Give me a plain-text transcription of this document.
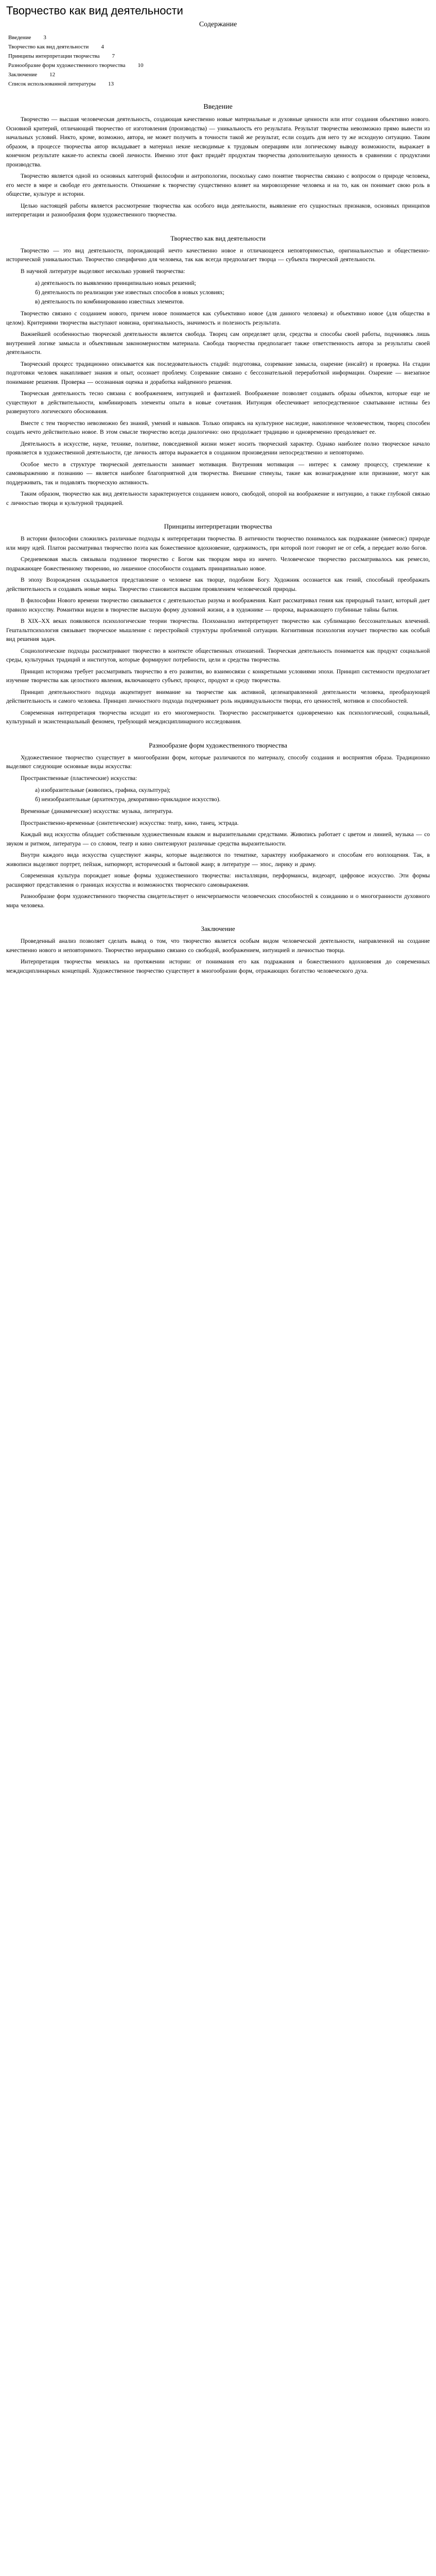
Творчество как вид деятельности
Содержание
Введение 3
Творчество как вид деятельности 4
Принципы интерпретации творчества 7
Разнообразие форм художественного творчества 10
Заключение 12
Список использованной литературы 13
Введение

Творчество — высшая человеческая деятельность, создающая качественно новые материальные и духовные ценности или итог создания объективно нового. Основной критерий, отличающий творчество от изготовления (производства) — уникальность его результата. Результат творчества невозможно прямо вывести из начальных условий. Никто, кроме, возможно, автора, не может получить в точности такой же результат, если создать для него ту же исходную ситуацию. Таким образом, в процессе творчества автор вкладывает в материал некие несводимые к трудовым операциям или логическому выводу возможности, выражает в конечном результате какие-то аспекты своей личности. Именно этот факт придаёт продуктам творчества дополнительную ценность в сравнении с продуктами производства.

Творчество является одной из основных категорий философии и антропологии, поскольку само понятие творчества связано с вопросом о природе человека, его месте в мире и свободе его деятельности. Отношение к творчеству существенно влияет на мировоззрение человека и на то, как он понимает свою роль в обществе, культуре и истории.

Целью настоящей работы является рассмотрение творчества как особого вида деятельности, выявление его сущностных признаков, основных принципов интерпретации и разнообразия форм художественного творчества.

Творчество как вид деятельности

Творчество — это вид деятельности, порождающий нечто качественно новое и отличающееся неповторимостью, оригинальностью и общественно-исторической уникальностью. Творчество специфично для человека, так как всегда предполагает творца — субъекта творческой деятельности.

В научной литературе выделяют несколько уровней творчества:

а) деятельность по выявлению принципиально новых решений;
б) деятельность по реализации уже известных способов в новых условиях;
в) деятельность по комбинированию известных элементов.

Творчество связано с созданием нового, причем новое понимается как субъективно новое (для данного человека) и объективно новое (для общества в целом). Критериями творчества выступают новизна, оригинальность, значимость и полезность результата.

Важнейшей особенностью творческой деятельности является свобода. Творец сам определяет цели, средства и способы своей работы, подчиняясь лишь внутренней логике замысла и объективным закономерностям материала. Свобода творчества предполагает также ответственность автора за результаты своей деятельности.

Творческий процесс традиционно описывается как последовательность стадий: подготовка, созревание замысла, озарение (инсайт) и проверка. На стадии подготовки человек накапливает знания и опыт, осознает проблему. Созревание связано с бессознательной переработкой информации. Озарение — внезапное понимание решения. Проверка — осознанная оценка и доработка найденного решения.

Творческая деятельность тесно связана с воображением, интуицией и фантазией. Воображение позволяет создавать образы объектов, которые еще не существуют в действительности, комбинировать элементы опыта в новые сочетания. Интуиция обеспечивает непосредственное схватывание истины без развернутого логического обоснования.

Вместе с тем творчество невозможно без знаний, умений и навыков. Только опираясь на культурное наследие, накопленное человечеством, творец способен создать нечто действительно новое. В этом смысле творчество всегда диалогично: оно продолжает традицию и одновременно преодолевает ее.

Деятельность в искусстве, науке, технике, политике, повседневной жизни может носить творческий характер. Однако наиболее полно творческое начало проявляется в художественной деятельности, где личность автора выражается в созданном произведении непосредственно и неповторимо.

Особое место в структуре творческой деятельности занимает мотивация. Внутренняя мотивация — интерес к самому процессу, стремление к самовыражению и познанию — является наиболее благоприятной для творчества. Внешние стимулы, такие как вознаграждение или признание, могут как поддерживать, так и подавлять творческую активность.

Таким образом, творчество как вид деятельности характеризуется созданием нового, свободой, опорой на воображение и интуицию, а также глубокой связью с личностью творца и культурной традицией.

Принципы интерпретации творчества

В истории философии сложились различные подходы к интерпретации творчества. В античности творчество понималось как подражание (мимесис) природе или миру идей. Платон рассматривал творчество поэта как божественное вдохновение, одержимость, при которой поэт говорит не от себя, а передает волю богов.

Средневековая мысль связывала подлинное творчество с Богом как творцом мира из ничего. Человеческое творчество рассматривалось как ремесло, подражающее божественному творению, но лишенное способности создавать принципиально новое.

В эпоху Возрождения складывается представление о человеке как творце, подобном Богу. Художник осознается как гений, способный преображать действительность и создавать новые миры. Творчество становится высшим проявлением человеческой природы.

В философии Нового времени творчество связывается с деятельностью разума и воображения. Кант рассматривал гения как природный талант, который дает правило искусству. Романтики видели в творчестве высшую форму духовной жизни, а в художнике — пророка, выражающего глубинные тайны бытия.

В XIX–XX веках появляются психологические теории творчества. Психоанализ интерпретирует творчество как сублимацию бессознательных влечений. Гештальтпсихология связывает творческое мышление с перестройкой структуры проблемной ситуации. Когнитивная психология изучает творчество как особый вид решения задач.

Социологические подходы рассматривают творчество в контексте общественных отношений. Творческая деятельность понимается как продукт социальной среды, культурных традиций и институтов, которые формируют потребности, цели и средства творчества.

Принцип историзма требует рассматривать творчество в его развитии, во взаимосвязи с конкретными условиями эпохи. Принцип системности предполагает изучение творчества как целостного явления, включающего субъект, процесс, продукт и среду творчества.

Принцип деятельностного подхода акцентирует внимание на творчестве как активной, целенаправленной деятельности человека, преобразующей действительность и самого человека. Принцип личностного подхода подчеркивает роль индивидуальности творца, его ценностей, мотивов и способностей.

Современная интерпретация творчества исходит из его многомерности. Творчество рассматривается одновременно как психологический, социальный, культурный и экзистенциальный феномен, требующий междисциплинарного исследования.

Разнообразие форм художественного творчества

Художественное творчество существует в многообразии форм, которые различаются по материалу, способу создания и восприятия образа. Традиционно выделяют следующие основные виды искусства:

Пространственные (пластические) искусства:

а) изобразительные (живопись, графика, скульптура);
б) неизобразительные (архитектура, декоративно-прикладное искусство).

Временные (динамические) искусства: музыка, литература.

Пространственно-временные (синтетические) искусства: театр, кино, танец, эстрада.

Каждый вид искусства обладает собственным художественным языком и выразительными средствами. Живопись работает с цветом и линией, музыка — со звуком и ритмом, литература — со словом, театр и кино синтезируют различные средства выразительности.

Внутри каждого вида искусства существуют жанры, которые выделяются по тематике, характеру изображаемого и способам его воплощения. Так, в живописи выделяют портрет, пейзаж, натюрморт, исторический и бытовой жанр; в литературе — эпос, лирику и драму.

Современная культура порождает новые формы художественного творчества: инсталляции, перформансы, видеоарт, цифровое искусство. Эти формы расширяют представления о границах искусства и возможностях творческого самовыражения.

Разнообразие форм художественного творчества свидетельствует о неисчерпаемости человеческих способностей к созиданию и о многогранности духовного мира человека.

Заключение

Проведенный анализ позволяет сделать вывод о том, что творчество является особым видом человеческой деятельности, направленной на создание качественно нового и неповторимого. Творчество неразрывно связано со свободой, воображением, интуицией и личностью творца.

Интерпретация творчества менялась на протяжении истории: от понимания его как подражания и божественного вдохновения до современных междисциплинарных концепций. Художественное творчество существует в многообразии форм, отражающих богатство человеческого духа.
